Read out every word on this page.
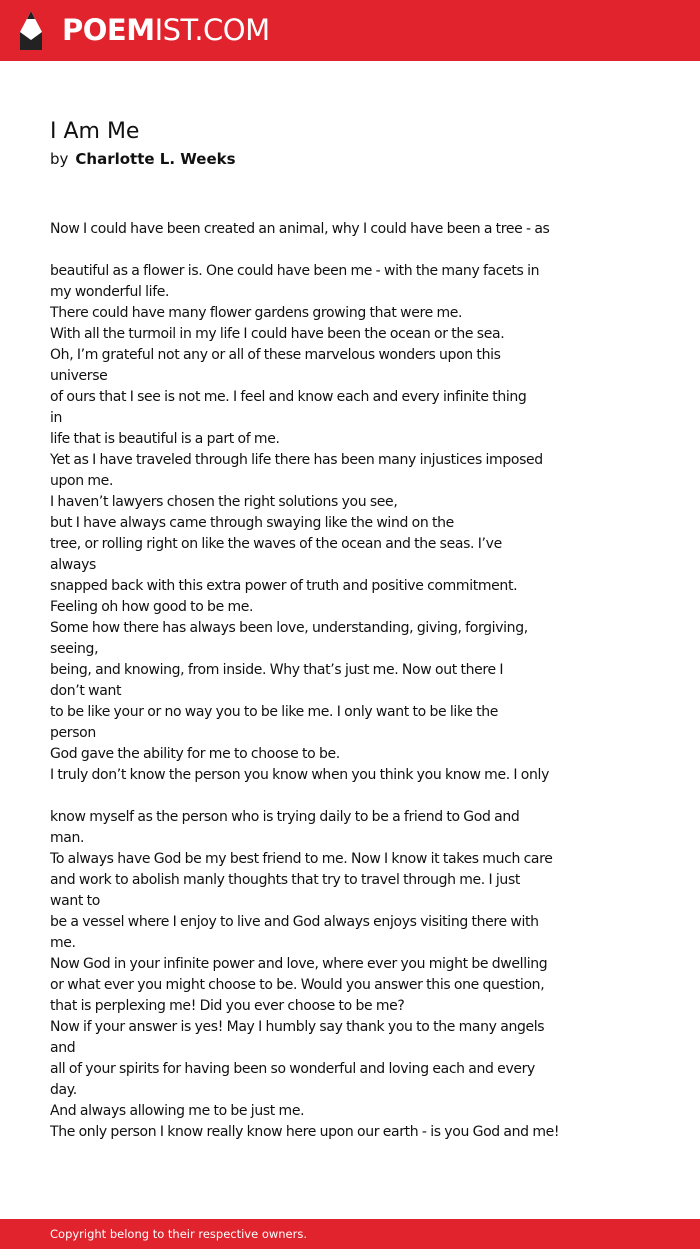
POEMIST.COM
I Am Me
by Charlotte L. Weeks
Now I could have been created an animal, why I could have been a tree - as
beautiful as a flower is. One could have been me - with the many facets in
my wonderful life.
There could have many flower gardens growing that were me.
With all the turmoil in my life I could have been the ocean or the sea.
Oh, I’m grateful not any or all of these marvelous wonders upon this
universe
of ours that I see is not me. I feel and know each and every infinite thing
in
life that is beautiful is a part of me.
Yet as I have traveled through life there has been many injustices imposed
upon me.
I haven’t lawyers chosen the right solutions you see,
but I have always came through swaying like the wind on the
tree, or rolling right on like the waves of the ocean and the seas. I’ve
always
snapped back with this extra power of truth and positive commitment.
Feeling oh how good to be me.
Some how there has always been love, understanding, giving, forgiving,
seeing,
being, and knowing, from inside. Why that’s just me. Now out there I
don’t want
to be like your or no way you to be like me. I only want to be like the
person
God gave the ability for me to choose to be.
I truly don’t know the person you know when you think you know me. I only
know myself as the person who is trying daily to be a friend to God and
man.
To always have God be my best friend to me. Now I know it takes much care
and work to abolish manly thoughts that try to travel through me. I just
want to
be a vessel where I enjoy to live and God always enjoys visiting there with
me.
Now God in your infinite power and love, where ever you might be dwelling
or what ever you might choose to be. Would you answer this one question,
that is perplexing me! Did you ever choose to be me?
Now if your answer is yes! May I humbly say thank you to the many angels
and
all of your spirits for having been so wonderful and loving each and every
day.
And always allowing me to be just me.
The only person I know really know here upon our earth - is you God and me!
Copyright belong to their respective owners.
